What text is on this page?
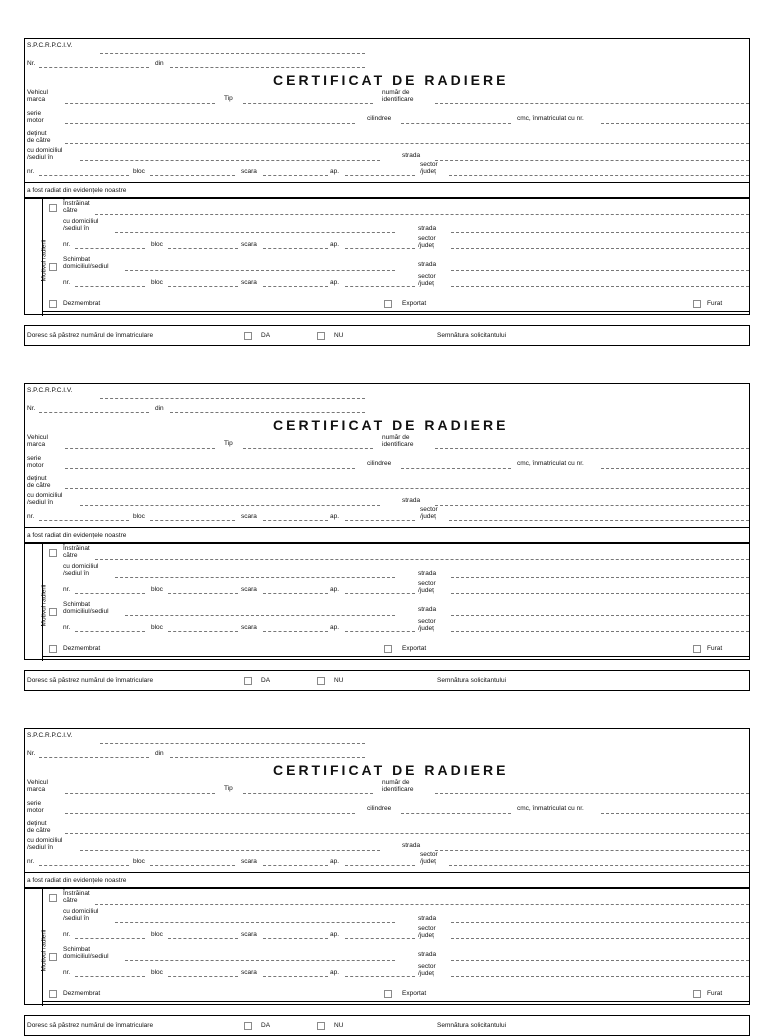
S.P.C.R.P.C.I.V.
Nr.	din
CERTIFICAT DE RADIERE
Vehicul
marca	Tip
număr de
identificare
serie
motor	cilindree	cmc, înmatriculat cu nr.
deținut
de către
cu domiciliul
/sediul în	strada
nr.	bloc	scara	ap.
sector
/județ
a fost radiat din evidențele noastre
Motivul radierii
Înstrăinat
către
cu domiciliul
/sediul în	strada
nr.	bloc	scara	ap.
sector
/județ
Schimbat
domiciliul/sediul	strada
nr.	bloc	scara	ap.
sector
/județ
Dezmembrat	Exportat	Furat
Doresc să păstrez numărul de înmatriculare	DA	NU	Semnătura solicitantului
S.P.C.R.P.C.I.V.
Nr.	din
CERTIFICAT DE RADIERE
Vehicul
marca	Tip
număr de
identificare
serie
motor	cilindree	cmc, înmatriculat cu nr.
deținut
de către
cu domiciliul
/sediul în	strada
nr.	bloc	scara	ap.
sector
/județ
a fost radiat din evidențele noastre
Motivul radierii
Înstrăinat
către
cu domiciliul
/sediul în	strada
nr.	bloc	scara	ap.
sector
/județ
Schimbat
domiciliul/sediul	strada
nr.	bloc	scara	ap.
sector
/județ
Dezmembrat	Exportat	Furat
Doresc să păstrez numărul de înmatriculare	DA	NU	Semnătura solicitantului
S.P.C.R.P.C.I.V.
Nr.	din
CERTIFICAT DE RADIERE
Vehicul
marca	Tip
număr de
identificare
serie
motor	cilindree	cmc, înmatriculat cu nr.
deținut
de către
cu domiciliul
/sediul în	strada
nr.	bloc	scara	ap.
sector
/județ
a fost radiat din evidențele noastre
Motivul radierii
Înstrăinat
către
cu domiciliul
/sediul în	strada
nr.	bloc	scara	ap.
sector
/județ
Schimbat
domiciliul/sediul	strada
nr.	bloc	scara	ap.
sector
/județ
Dezmembrat	Exportat	Furat
Doresc să păstrez numărul de înmatriculare	DA	NU	Semnătura solicitantului
